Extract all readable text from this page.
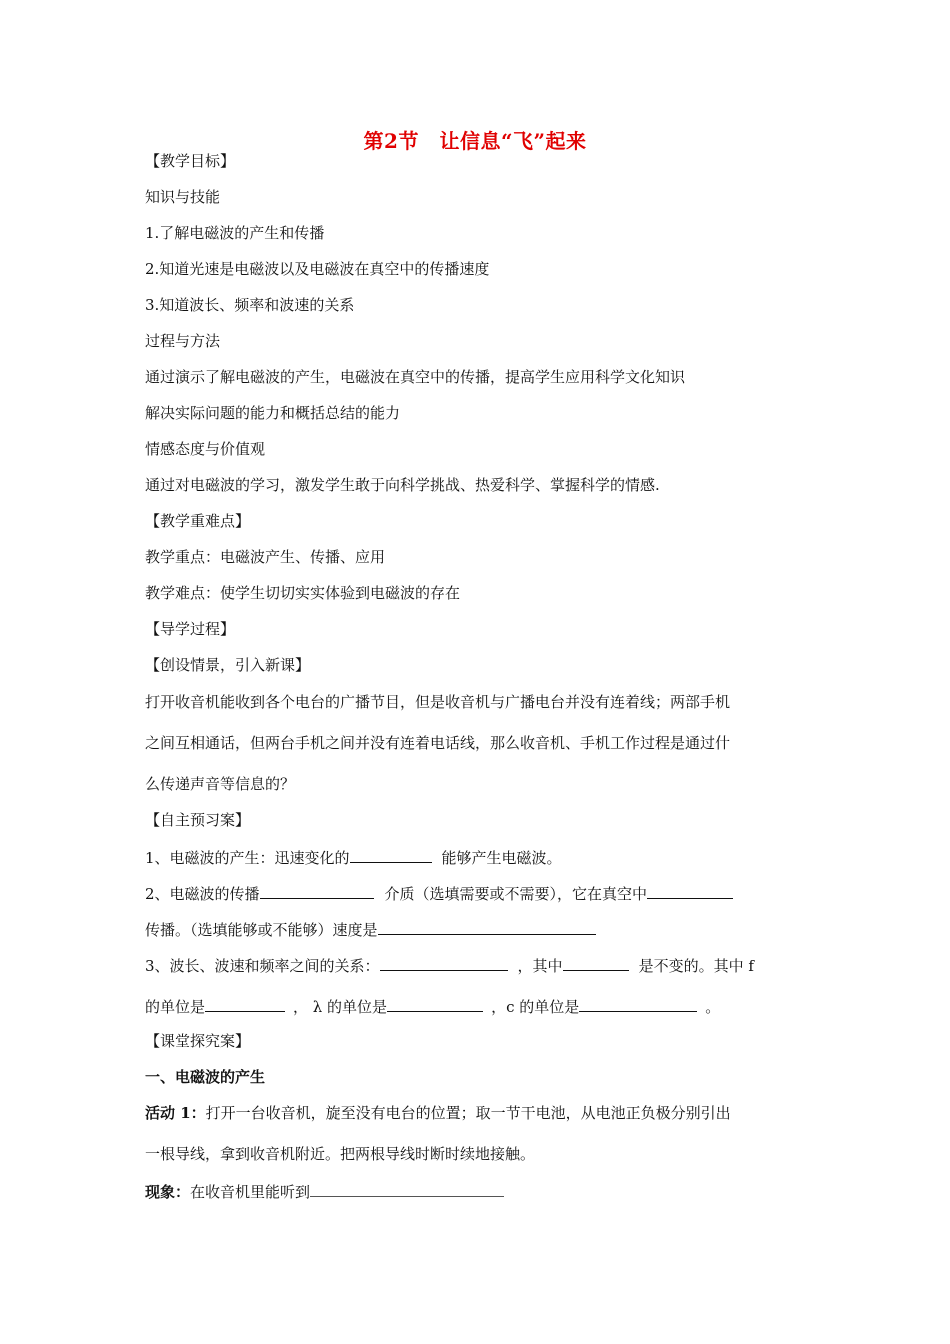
第2节　让信息“飞”起来
【教学目标】
知识与技能
1.了解电磁波的产生和传播
2.知道光速是电磁波以及电磁波在真空中的传播速度
3.知道波长、频率和波速的关系
过程与方法
通过演示了解电磁波的产生，电磁波在真空中的传播，提高学生应用科学文化知识
解决实际问题的能力和概括总结的能力
情感态度与价值观
通过对电磁波的学习，激发学生敢于向科学挑战、热爱科学、掌握科学的情感.
【教学重难点】
教学重点：电磁波产生、传播、应用
教学难点：使学生切切实实体验到电磁波的存在
【导学过程】
【创设情景，引入新课】
打开收音机能收到各个电台的广播节目，但是收音机与广播电台并没有连着线；两部手机
之间互相通话，但两台手机之间并没有连着电话线，那么收音机、手机工作过程是通过什
么传递声音等信息的？
【自主预习案】
1、电磁波的产生：迅速变化的	能够产生电磁波。
2、电磁波的传播	介质（选填需要或不需要），它在真空中
传播。（选填能够或不能够）速度是
3、波长、波速和频率之间的关系：	，其中	是不变的。其中 f
的单位是	， λ 的单位是	，c 的单位是	。
【课堂探究案】
一、电磁波的产生
活动 1：打开一台收音机，旋至没有电台的位置；取一节干电池，从电池正负极分别引出
一根导线，拿到收音机附近。把两根导线时断时续地接触。
现象：在收音机里能听到
